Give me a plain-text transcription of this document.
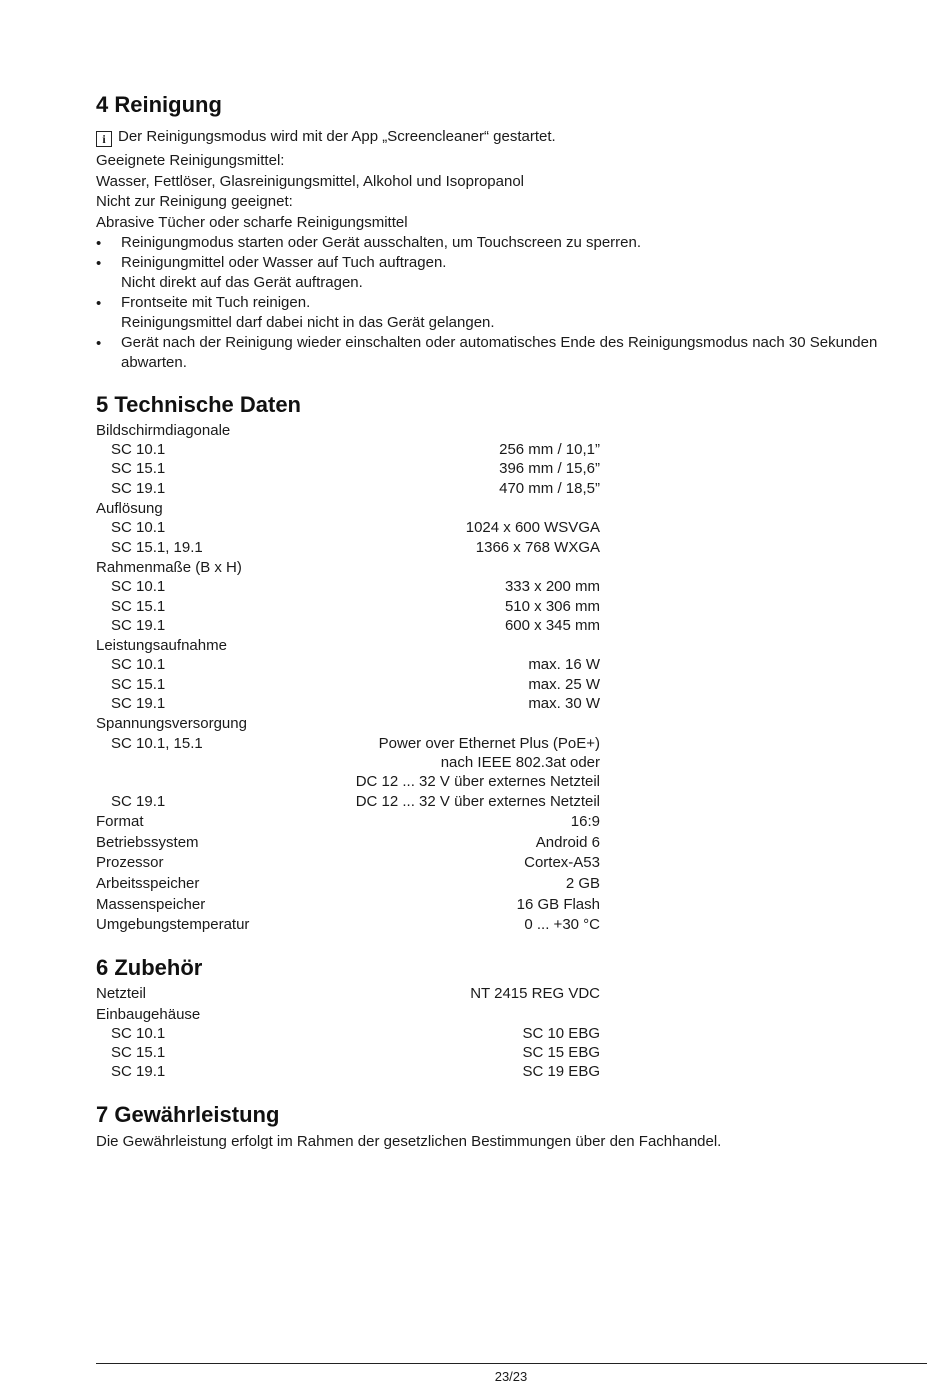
4 Reinigung
i Der Reinigungsmodus wird mit der App „Screencleaner“ gestartet.
Geeignete Reinigungsmittel:
Wasser, Fettlöser, Glasreinigungsmittel, Alkohol und Isopropanol
Nicht zur Reinigung geeignet:
Abrasive Tücher oder scharfe Reinigungsmittel
• Reinigungmodus starten oder Gerät ausschalten, um Touchscreen zu sperren.
• Reinigungmittel oder Wasser auf Tuch auftragen.
Nicht direkt auf das Gerät auftragen.
• Frontseite mit Tuch reinigen.
Reinigungsmittel darf dabei nicht in das Gerät gelangen.
• Gerät nach der Reinigung wieder einschalten oder automatisches Ende des Reinigungsmodus nach 30 Sekunden abwarten.
5 Technische Daten
Bildschirmdiagonale
SC 10.1	256 mm / 10,1”
SC 15.1	396 mm / 15,6”
SC 19.1	470 mm / 18,5”
Auflösung
SC 10.1	1024 x 600 WSVGA
SC 15.1, 19.1	1366 x 768 WXGA
Rahmenmaße (B x H)
SC 10.1	333 x 200 mm
SC 15.1	510 x 306 mm
SC 19.1	600 x 345 mm
Leistungsaufnahme
SC 10.1	max. 16 W
SC 15.1	max. 25 W
SC 19.1	max. 30 W
Spannungsversorgung
SC 10.1, 15.1	Power over Ethernet Plus (PoE+)
nach IEEE 802.3at oder
DC 12 ... 32 V über externes Netzteil
SC 19.1	DC 12 ... 32 V über externes Netzteil
Format	16:9
Betriebssystem	Android 6
Prozessor	Cortex-A53
Arbeitsspeicher	2 GB
Massenspeicher	16 GB Flash
Umgebungstemperatur	0 ... +30 °C
6 Zubehör
Netzteil	NT 2415 REG VDC
Einbaugehäuse
SC 10.1	SC 10 EBG
SC 15.1	SC 15 EBG
SC 19.1	SC 19 EBG
7 Gewährleistung
Die Gewährleistung erfolgt im Rahmen der gesetzlichen Bestimmungen über den Fachhandel.
23/23
